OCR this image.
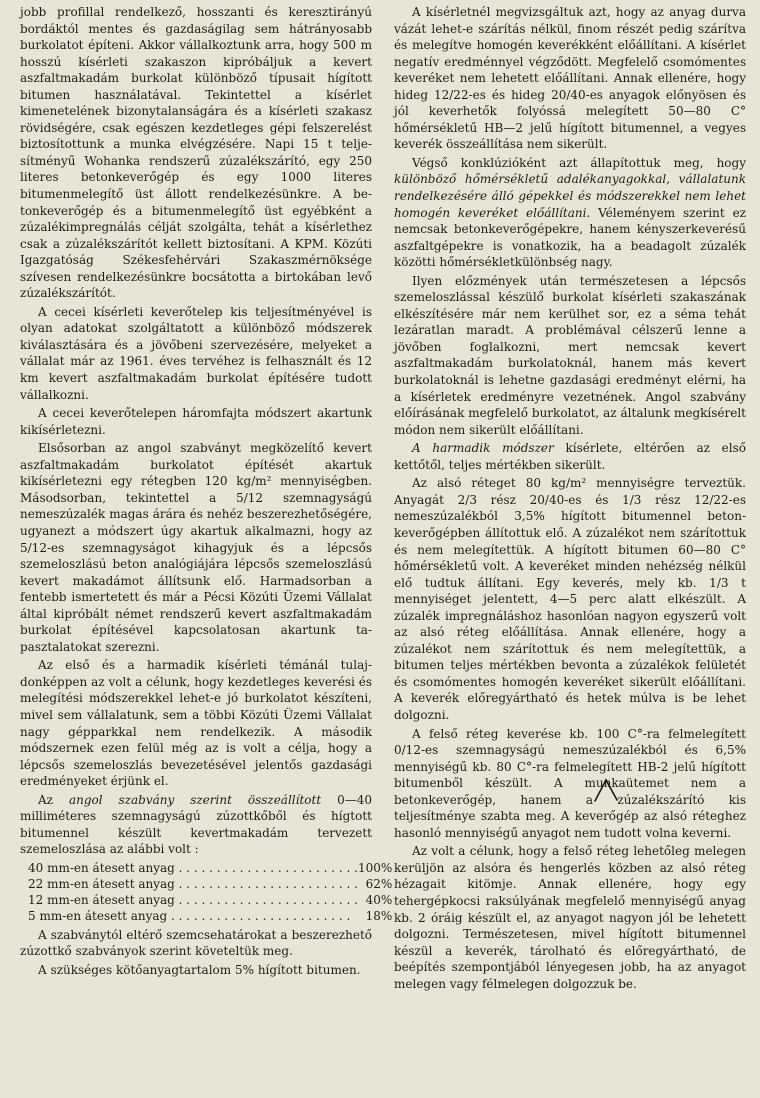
jobb profillal rendelkező, hosszanti és keresztirányú bordáktól mentes és gazdaságilag sem hátrányosabb burkolatot építeni. Akkor vállalkoztunk arra, hogy 500 m hosszú kísérleti szakaszon kipróbáljuk a kevert aszfaltmakadám burkolat különböző típusait hígított bitumen használatával. Tekintettel a kísérlet kimenetelének bizonytalanságára és a kísérleti szakasz rövidségére, csak egészen kezdetleges gépi felszerelést biztosítottunk a munka elvégzésére. Napi 15 t teljesítményű Wohanka rendszerű zúzalékszárító, egy 250 literes betonkeverőgép és egy 1000 literes bitumenmelegítő üst állott rendelkezésünkre. A betonkeverőgép és a bitumenmelegítő üst egyébként a zúzalékimpregnálás célját szolgálta, tehát a kísérlethez csak a zúzalékszárítót kellett biztosítani. A KPM. Közúti Igazgatóság Székesfehérvári Szakaszmérnöksége szívesen rendelkezésünkre bocsátotta a birtokában levő zúzalékszárítót.

A cecei kísérleti keverőtelep kis teljesítményével is olyan adatokat szolgáltatott a különböző módszerek kiválasztására és a jövőbeni szervezésére, melyeket a vállalat már az 1961. éves tervéhez is felhasznált és 12 km kevert aszfaltmakadám burkolat építésére tudott vállalkozni.

A cecei keverőtelepen háromfajta módszert akartunk kikísérletezni.

Elsősorban az angol szabványt megközelítő kevert aszfaltmakadám burkolatot építését akartuk kikísérletezni egy rétegben 120 kg/m² mennyiségben. Másodsorban, tekintettel a 5/12 szemnagyságú nemeszúzalék magas árára és nehéz beszerezhetőségére, ugyanezt a módszert úgy akartuk alkalmazni, hogy az 5/12-es szemnagyságot kihagyjuk és a lépcsős szemeloszlású beton analógiájára lépcsős szemeloszlású kevert makadámot állítsunk elő. Harmadsorban a fentebb ismertetett és már a Pécsi Közúti Üzemi Vállalat által kipróbált német rendszerű kevert aszfaltmakadám burkolat építésével kapcsolatosan akartunk tapasztalatokat szerezni.

Az első és a harmadik kísérleti témánál tulajdonképpen az volt a célunk, hogy kezdetleges keverési és melegítési módszerekkel lehet-e jó burkolatot készíteni, mivel sem vállalatunk, sem a többi Közúti Üzemi Vállalat nagy gépparkkal nem rendelkezik. A második módszernek ezen felül még az is volt a célja, hogy a lépcsős szemeloszlás bevezetésével jelentős gazdasági eredményeket érjünk el.

Az angol szabvány szerint összeállított 0—40 milliméteres szemnagyságú zúzottkőből és hígtott bitumennel készült kevertmakadám tervezett szemeloszlása az alábbi volt :

40 mm-en átesett anyag . . .	100%
22 mm-en átesett anyag . . .	62%
12 mm-en átesett anyag . . .	40%
5 mm-en átesett anyag . . .	18%

A szabványtól eltérő szemcsehatárokat a beszerezhető zúzottkő szabványok szerint követeltük meg.

A szükséges kötőanyagtartalom 5% hígított bitumen.

A kísérletnél megvizsgáltuk azt, hogy az anyag durva vázát lehet-e szárítás nélkül, finom részét pedig szárítva és melegítve homogén keverékként előállítani. A kísérlet negatív eredménnyel végződött. Megfelelő csomómentes keveréket nem lehetett előállítani. Annak ellenére, hogy hideg 12/22-es és hideg 20/40-es anyagok előnyösen és jól keverhetők folyóssá melegített 50—80 C° hőmérsékletű HB—2 jelű hígított bitumennel, a vegyes keverék összeállítása nem sikerült.

Végső konklúzióként azt állapítottuk meg, hogy különböző hőmérsékletű adalékanyagokkal, vállalatunk rendelkezésére álló gépekkel és módszerekkel nem lehet homogén keveréket előállítani. Véleményem szerint ez nemcsak betonkeverőgépekre, hanem kényszerkeverésű aszfaltgépekre is vonatkozik, ha a beadagolt zúzalék közötti hőmérsékletkülönbség nagy.

Ilyen előzmények után természetesen a lépcsős szemeloszlással készülő burkolat kísérleti szakaszának elkészítésére már nem kerülhet sor, ez a séma tehát lezáratlan maradt. A problémával célszerű lenne a jövőben foglalkozni, mert nemcsak kevert aszfaltmakadám burkolatoknál, hanem más kevert burkolatoknál is lehetne gazdasági eredményt elérni, ha a kísérletek eredményre vezetnének. Angol szabvány előírásának megfelelő burkolatot, az általunk megkísérelt módon nem sikerült előállítani.

A harmadik módszer kísérlete, eltérően az első kettőtől, teljes mértékben sikerült.

Az alsó réteget 80 kg/m² mennyiségre terveztük. Anyagát 2/3 rész 20/40-es és 1/3 rész 12/22-es nemeszúzalékból 3,5% hígított bitumennel betonkeverőgépben állítottuk elő. A zúzalékot nem szárítottuk és nem melegítettük. A hígított bitumen 60—80 C° hőmérsékletű volt. A keveréket minden nehézség nélkül elő tudtuk állítani. Egy keverés, mely kb. 1/3 t mennyiséget jelentett, 4—5 perc alatt elkészült. A zúzalék impregnáláshoz hasonlóan nagyon egyszerű volt az alsó réteg előállítása. Annak ellenére, hogy a zúzalékot nem szárítottuk és nem melegítettük, a bitumen teljes mértékben bevonta a zúzalékok felületét és csomómentes homogén keveréket sikerült előállítani. A keverék előregyártható és hetek múlva is be lehet dolgozni.

A felső réteg keverése kb. 100 C°-ra felmelegített 0/12-es szemnagyságú nemeszúzalékból és 6,5% mennyiségű kb. 80 C°-ra felmelegített HB-2 jelű hígított bitumenből készült. A munkaütemet nem a betonkeverőgép, hanem a zúzalékszárító kis teljesítménye szabta meg. A keverőgép az alsó réteghez hasonló mennyiségű anyagot nem tudott volna keverni.

Az volt a célunk, hogy a felső réteg lehetőleg melegen kerüljön az alsóra és hengerlés közben az alsó réteg hézagait kitömje. Annak ellenére, hogy egy tehergépkocsi raksúlyának megfelelő mennyiségű anyag kb. 2 óráig készült el, az anyagot nagyon jól be lehetett dolgozni. Természetesen, mivel hígított bitumennel készül a keverék, tárolható és előregyártható, de beépítés szempontjából lényegesen jobb, ha az anyagot melegen vagy félmelegen dolgozzuk be.
